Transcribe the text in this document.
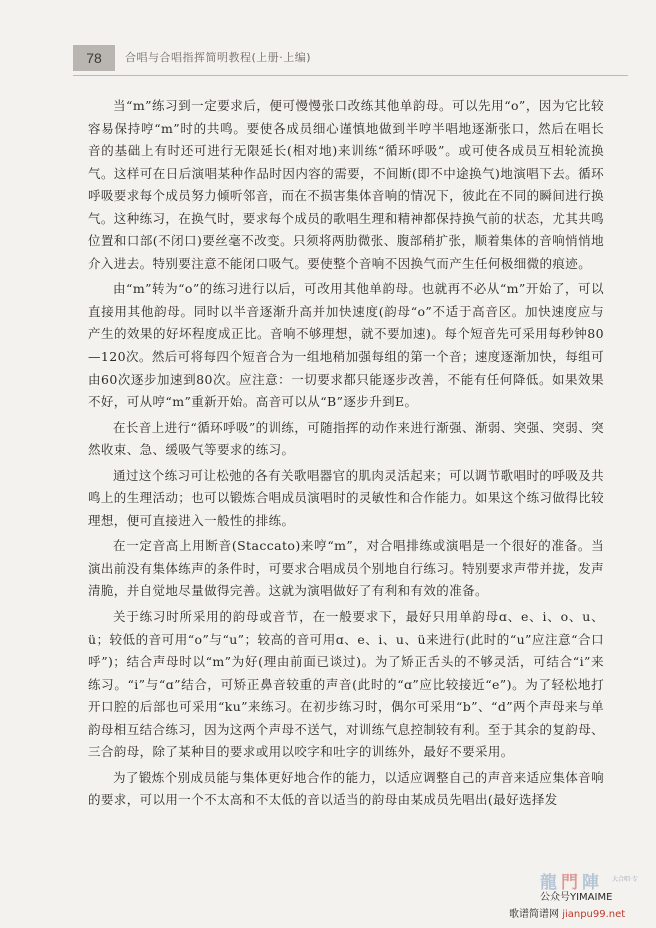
78	合唱与合唱指挥简明教程(上册·上编)

当“m”练习到一定要求后，便可慢慢张口改练其他单韵母。可以先用“o”，因为它比较容易保持哼“m”时的共鸣。要使各成员细心谨慎地做到半哼半唱地逐渐张口，然后在唱长音的基础上有时还可进行无限延长(相对地)来训练“循环呼吸”。或可使各成员互相轮流换气。这样可在日后演唱某种作品时因内容的需要，不间断(即不中途换气)地演唱下去。循环呼吸要求每个成员努力倾听邻音，而在不损害集体音响的情况下，彼此在不同的瞬间进行换气。这种练习，在换气时，要求每个成员的歌唱生理和精神都保持换气前的状态，尤其共鸣位置和口部(不闭口)要丝毫不改变。只须将两肋微张、腹部稍扩张，顺着集体的音响悄悄地介入进去。特别要注意不能闭口吸气。要使整个音响不因换气而产生任何极细微的痕迹。

由“m”转为“o”的练习进行以后，可改用其他单韵母。也就再不必从“m”开始了，可以直接用其他韵母。同时以半音逐渐升高并加快速度(韵母“o”不适于高音区。加快速度应与产生的效果的好坏程度成正比。音响不够理想，就不要加速)。每个短音先可采用每秒钟80—120次。然后可将每四个短音合为一组地稍加强每组的第一个音；速度逐渐加快，每组可由60次逐步加速到80次。应注意：一切要求都只能逐步改善，不能有任何降低。如果效果不好，可从哼“m”重新开始。高音可以从“B”逐步升到E。

在长音上进行“循环呼吸”的训练，可随指挥的动作来进行渐强、渐弱、突强、突弱、突然收束、急、缓吸气等要求的练习。

通过这个练习可让松弛的各有关歌唱器官的肌肉灵活起来；可以调节歌唱时的呼吸及共鸣上的生理活动；也可以锻炼合唱成员演唱时的灵敏性和合作能力。如果这个练习做得比较理想，便可直接进入一般性的排练。

在一定音高上用断音(Staccato)来哼“m”，对合唱排练或演唱是一个很好的准备。当演出前没有集体练声的条件时，可要求合唱成员个别地自行练习。特别要求声带并拢，发声清脆，并自觉地尽量做得完善。这就为演唱做好了有利和有效的准备。

关于练习时所采用的韵母或音节，在一般要求下，最好只用单韵母ɑ、e、i、o、u、ü；较低的音可用“o”与“u”；较高的音可用ɑ、e、i、u、ü来进行(此时的“u”应注意“合口呼”)；结合声母时以“m”为好(理由前面已谈过)。为了矫正舌头的不够灵活，可结合“i”来练习。“i”与“ɑ”结合，可矫正鼻音较重的声音(此时的“ɑ”应比较接近“e”)。为了轻松地打开口腔的后部也可采用“ku”来练习。在初步练习时，偶尔可采用“b”、“d”两个声母来与单韵母相互结合练习，因为这两个声母不送气，对训练气息控制较有利。至于其余的复韵母、三合韵母，除了某种目的要求或用以咬字和吐字的训练外，最好不要采用。

为了锻炼个别成员能与集体更好地合作的能力，以适应调整自己的声音来适应集体音响的要求，可以用一个不太高和不太低的音以适当的韵母由某成员先唱出(最好选择发

龍門陣 大合唱·专
公众号YIMAIME
歌谱简谱网 jianpu99.net
